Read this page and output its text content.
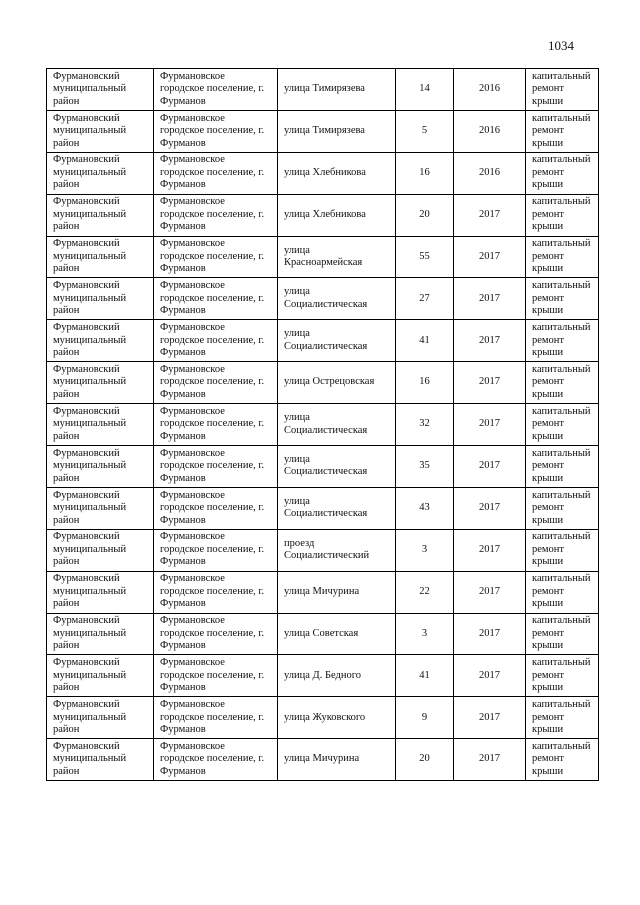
1034
Фурмановский муниципальный район	Фурмановское городское поселение, г. Фурманов	улица Тимирязева	14	2016	капитальный ремонт крыши
Фурмановский муниципальный район	Фурмановское городское поселение, г. Фурманов	улица Тимирязева	5	2016	капитальный ремонт крыши
Фурмановский муниципальный район	Фурмановское городское поселение, г. Фурманов	улица Хлебникова	16	2016	капитальный ремонт крыши
Фурмановский муниципальный район	Фурмановское городское поселение, г. Фурманов	улица Хлебникова	20	2017	капитальный ремонт крыши
Фурмановский муниципальный район	Фурмановское городское поселение, г. Фурманов	улица Красноармейская	55	2017	капитальный ремонт крыши
Фурмановский муниципальный район	Фурмановское городское поселение, г. Фурманов	улица Социалистическая	27	2017	капитальный ремонт крыши
Фурмановский муниципальный район	Фурмановское городское поселение, г. Фурманов	улица Социалистическая	41	2017	капитальный ремонт крыши
Фурмановский муниципальный район	Фурмановское городское поселение, г. Фурманов	улица Острецовская	16	2017	капитальный ремонт крыши
Фурмановский муниципальный район	Фурмановское городское поселение, г. Фурманов	улица Социалистическая	32	2017	капитальный ремонт крыши
Фурмановский муниципальный район	Фурмановское городское поселение, г. Фурманов	улица Социалистическая	35	2017	капитальный ремонт крыши
Фурмановский муниципальный район	Фурмановское городское поселение, г. Фурманов	улица Социалистическая	43	2017	капитальный ремонт крыши
Фурмановский муниципальный район	Фурмановское городское поселение, г. Фурманов	проезд Социалистический	3	2017	капитальный ремонт крыши
Фурмановский муниципальный район	Фурмановское городское поселение, г. Фурманов	улица Мичурина	22	2017	капитальный ремонт крыши
Фурмановский муниципальный район	Фурмановское городское поселение, г. Фурманов	улица Советская	3	2017	капитальный ремонт крыши
Фурмановский муниципальный район	Фурмановское городское поселение, г. Фурманов	улица Д. Бедного	41	2017	капитальный ремонт крыши
Фурмановский муниципальный район	Фурмановское городское поселение, г. Фурманов	улица Жуковского	9	2017	капитальный ремонт крыши
Фурмановский муниципальный район	Фурмановское городское поселение, г. Фурманов	улица Мичурина	20	2017	капитальный ремонт крыши
